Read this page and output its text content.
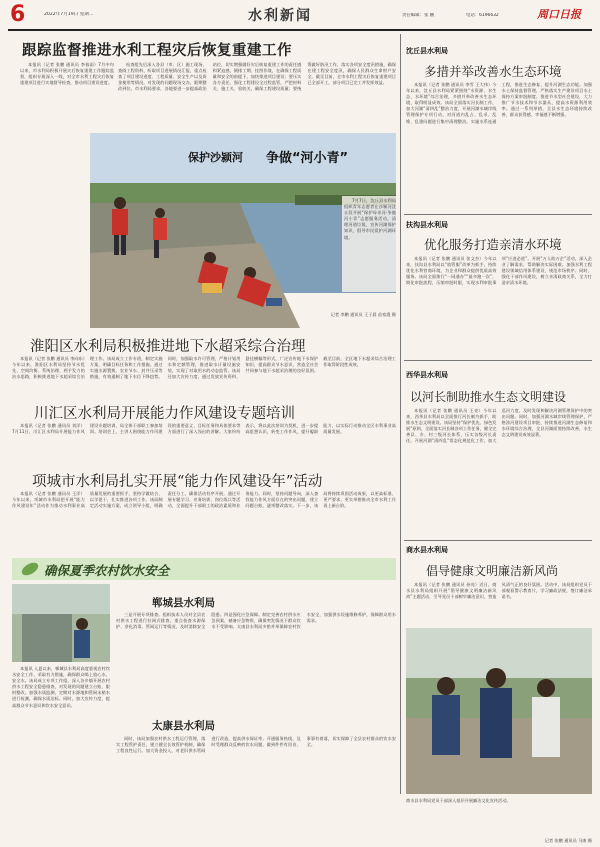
6	2022年7月19日 星期二	水利新闻	责任编辑：张 鹏	电话：6196632	周口日报
跟踪监督推进水利工程灾后恢复重建工作

本报讯（记者 张鹏 通讯员 李春雨）7月中旬以来，市水利局积极开展灾后恢复重建工作跟踪监督，组织专班深入一线，对全市水利工程灾后恢复重建项目进行实地督导检查，推动项目建设进度。

检查组先后深入各县（市、区）施工现场，查阅工程资料，听取项目进展情况汇报，重点检查了项目建设进度、工程质量、安全生产以及资金使用等情况，对发现的问题现场交办，限期整改到位。市水利局要求，各地要进一步提高政治站位，切实增强做好灾后恢复重建工作的责任感和紧迫感，倒排工期、挂图作战，在确保工程质量和安全的前提下，加快推进项目建设；要压实各方责任，强化工程建设全过程监管，严把材料关、施工关、验收关，确保工程建设质量；要统筹做好防汛工作，落实各项安全度汛措施，确保在建工程安全度汛，确保人民群众生命财产安全。截至目前，全市水利工程灾后恢复重建项目已全部开工，部分项目已完工并发挥效益。

保护沙颍河 争做“河小青”

7月7日，沈丘县水利局组织青年志愿者在沙颍河沈丘段开展“保护母亲河·争做河小青”志愿服务活动，清理河道垃圾，宣传河湖保护知识，倡导市民爱护河湖环境。

记者 李鹏 通讯员 王子晨 苗家震 摄
淮阳区水利局积极推进地下水超采综合治理

本报讯（记者 张鹏 通讯员 李向东）今年以来，淮阳区水利局坚持节水优先、空间均衡、系统治理、两手发力的治水思路，积极推进地下水超采综合治理工作。该局成立工作专班，制定实施方案，明确目标任务和工作措施。通过实施水源置换、农业节水、封井压采等措施，有效遏制了地下水位下降趋势。同时，加强取水许可管理，严格计划用水和定额管理，推进取水计量设施安装，实现了对取用水的动态监管。该局还加大宣传力度，通过发放宣传资料、悬挂横幅等形式，广泛宣传地下水保护知识，提高群众节水意识，营造全社会共同参与地下水超采治理的良好氛围。截至目前，全区地下水超采综合治理工作取得阶段性成效。

川汇区水利局开展能力作风建设专题培训

本报讯（记者 张鹏 通讯员 刘洋）7月11日，川汇区水利局开展能力作风建设专题培训，局全体干部职工参加培训。培训会上，主讲人围绕能力作风建设的重要意义、目标任务和具体要求等方面进行了深入浅出的讲解。大家纷纷表示，将以此次培训为契机，进一步提高思想认识，转变工作作风，提升履职能力，以实际行动推动全区水利事业高质量发展。

项城市水利局扎实开展“能力作风建设年”活动

本报讯（记者 张鹏 通讯员 王洋）今年以来，项城市水利局把开展“能力作风建设年”活动作为推动水利事业高质量发展的重要抓手，坚持学做结合、以学促干，扎实推进各项工作。该局制定活动实施方案，成立领导小组，明确责任分工，确保活动有序开展。通过开展专题学习、业务培训、岗位练兵等活动，全面提升干部职工的政治素质和业务能力。同时，坚持问题导向，深入查找能力作风方面存在的突出问题，建立问题台账，逐项整改落实。下一步，该局将持续巩固活动成果，以更高标准、更严要求、更实举措推动全市水利工作再上新台阶。

确保夏季农村饮水安全

本报讯 入夏以来，郸城县水利局高度重视农村饮水安全工作，采取有力措施，确保群众喝上放心水、安全水。该局成立专项工作组，深入各乡镇开展农村供水工程安全隐患排查，对发现的问题建立台账，限时整改。加强水质监测，定期对水源地和管网末梢水进行检测，确保水质达标。同时，加大宣传力度，提高群众节水意识和饮水安全意识。

郸城县水利局

三是开展专项排查。组织技术人员对全县农村供水工程进行拉网式排查，重点检查水源保护、净化消毒、管网运行等情况，及时消除安全隐患。四是强化应急保障。制定完善农村供水应急预案，储备应急物资，确保突发情况下群众饮水不受影响。太康县水利局多措并举保障农村饮水安全，加强供水设施维修养护，保障群众用水需求。

太康县水利局

同时，该局加强农村供水工程运行管理，落实工程管护责任，建立健全长效管护机制，确保工程良性运行。加大资金投入，对老旧供水管网进行改造，提高供水保证率。开通服务热线，及时受理群众反映的饮水问题，做到件件有回音、事事有着落，切实保障了全县农村群众的饮水安全。

沈丘县水利局
多措并举改善水生态环境

本报讯（记者 张鹏 通讯员 李雪 王大伟）今年以来，沈丘县水利局紧紧围绕“水资源、水生态、水环境”综合治理，多措并举改善水生态环境，取得明显成效。该局全面落实河长制工作，加大河湖“清四乱”整治力度，开展河湖水域岸线管理保护专项行动，对河道内乱占、乱采、乱堆、乱建问题进行集中清理整治。实施水系连通工程，推进生态修复，提升河湖生态功能。加强水土保持监督管理，严格落实生产建设项目水土保持方案审批制度。推进节水型社会建设，大力推广节水技术和节水器具，提高水资源利用效率。通过一系列举措，全县水生态环境持续改善，群众获得感、幸福感不断增强。

扶沟县水利局
优化服务打造亲清水环境

本报讯（记者 张鹏 通讯员 张文杰）今年以来，扶沟县水利局以“放管服”改革为抓手，持续优化水利营商环境，为企业和群众提供优质高效服务。该局全面推行“一网通办”“最多跑一次”，简化审批流程，压缩审批时限，实现水利审批事项“应进必进”。开展“万人助万企”活动，深入企业了解需求，帮助解决实际困难。加强水利工程建设领域信用体系建设，规范市场秩序。同时，强化干部作风建设，树立亲清政商关系，全力打造亲清水环境。

西华县水利局
以河长制助推水生态文明建设

本报讯（记者 张鹏 通讯员 王亮）今年以来，西华县水利局以全面推行河长制为抓手，助推水生态文明建设。该局坚持“保护优先、绿色发展”原则，全面落实河长制各项工作任务，健全完善县、乡、村三级河长体系，压实各级河长责任。开展河湖“清四乱”常态化规范化工作，加大巡河力度，及时发现和解决河湖管理保护中的突出问题。同时，加强河湖水域岸线管理保护，严格涉河建设项目审批，持续推进河湖生态修复和水环境综合治理，全县河湖面貌持续改善，水生态文明建设成效显著。

商水县水利局
倡导健康文明廉洁新风尚

本报讯（记者 张鹏 通讯员 孙亮）近日，商水县水利局组织开展“倡导健康文明廉洁新风尚”主题活动，引导党员干部树牢廉洁意识，营造风清气正的良好氛围。活动中，该局组织党员干部观看警示教育片，学习廉政法规，签订廉洁承诺书。

商水县水利局党员干部深入基层开展廉洁文化宣传活动。
记者 张鹏 通讯员 马康 摄
